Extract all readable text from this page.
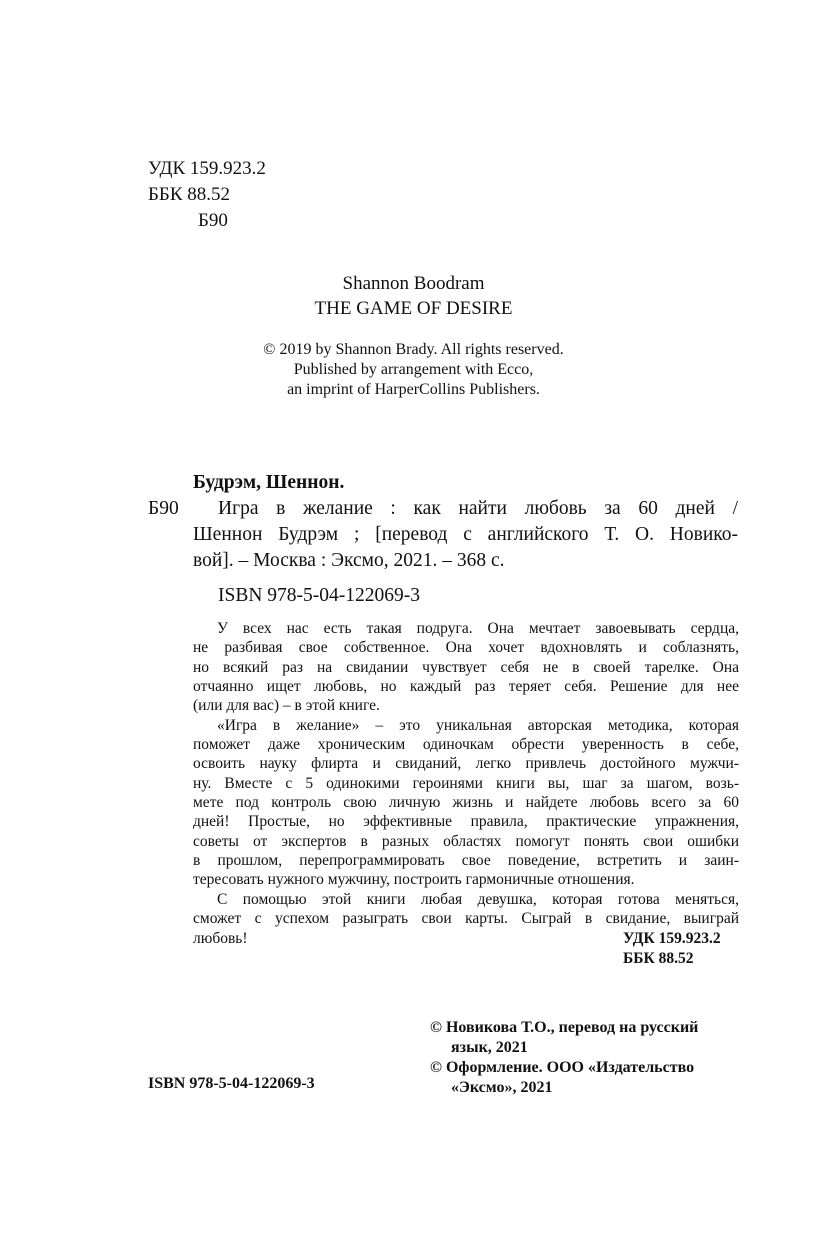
УДК 159.923.2
ББК 88.52
Б90
Shannon Boodram
THE GAME OF DESIRE
© 2019 by Shannon Brady. All rights reserved.
Published by arrangement with Ecco,
an imprint of HarperCollins Publishers.
Будрэм, Шеннон.
Б90 Игра в желание : как найти любовь за 60 дней /
Шеннон Будрэм ; [перевод с английского Т. О. Новико-
вой]. – Москва : Эксмо, 2021. – 368 с.
ISBN 978-5-04-122069-3
У всех нас есть такая подруга. Она мечтает завоевывать сердца,
не разбивая свое собственное. Она хочет вдохновлять и соблазнять,
но всякий раз на свидании чувствует себя не в своей тарелке. Она
отчаянно ищет любовь, но каждый раз теряет себя. Решение для нее
(или для вас) – в этой книге.
«Игра в желание» – это уникальная авторская методика, которая
поможет даже хроническим одиночкам обрести уверенность в себе,
освоить науку флирта и свиданий, легко привлечь достойного мужчи-
ну. Вместе с 5 одинокими героинями книги вы, шаг за шагом, возь-
мете под контроль свою личную жизнь и найдете любовь всего за 60
дней! Простые, но эффективные правила, практические упражнения,
советы от экспертов в разных областях помогут понять свои ошибки
в прошлом, перепрограммировать свое поведение, встретить и заин-
тересовать нужного мужчину, построить гармоничные отношения.
С помощью этой книги любая девушка, которая готова меняться,
сможет с успехом разыграть свои карты. Сыграй в свидание, выиграй
любовь!	УДК 159.923.2
ББК 88.52
© Новикова Т.О., перевод на русский
язык, 2021
© Оформление. ООО «Издательство
«Эксмо», 2021
ISBN 978-5-04-122069-3
